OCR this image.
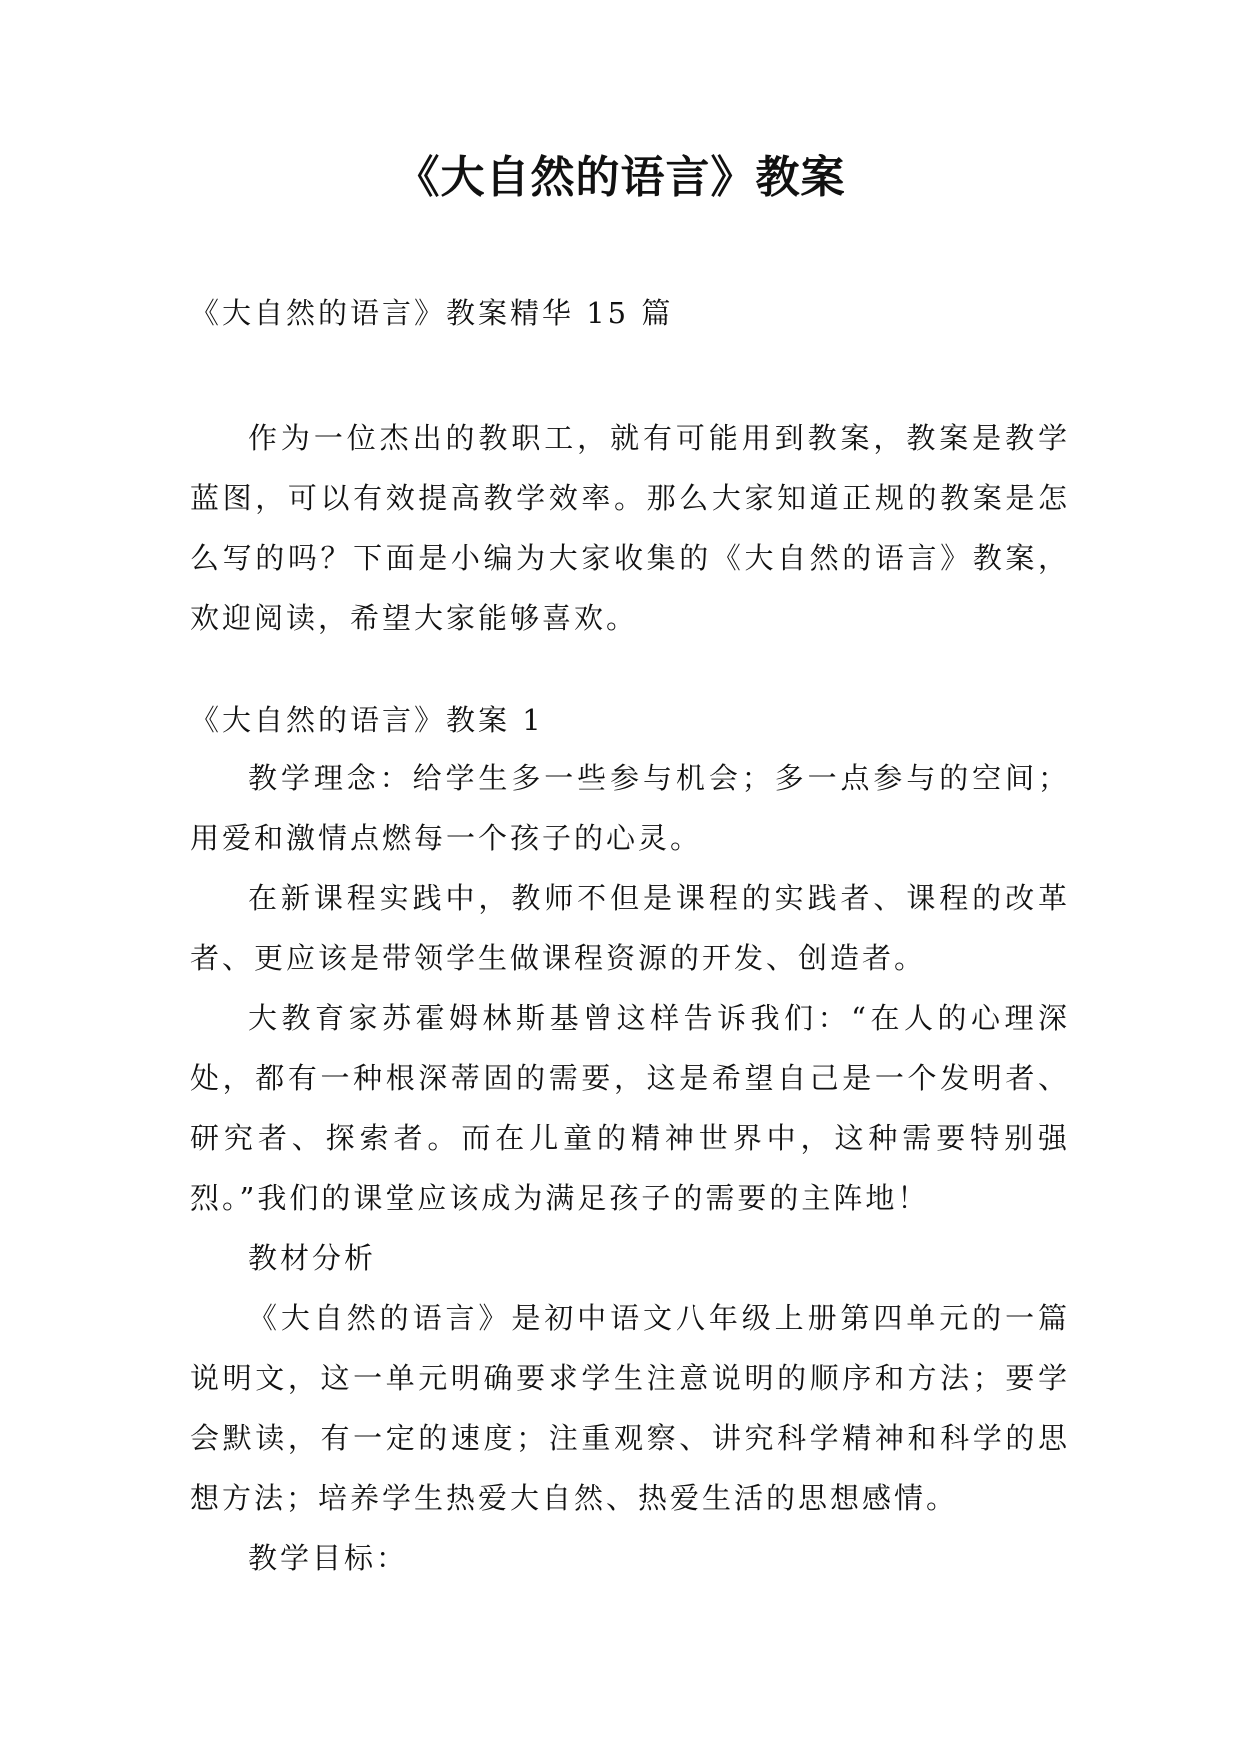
《大自然的语言》教案

《大自然的语言》教案精华 15 篇

作为一位杰出的教职工，就有可能用到教案，教案是教学蓝图，可以有效提高教学效率。那么大家知道正规的教案是怎么写的吗？下面是小编为大家收集的《大自然的语言》教案，欢迎阅读，希望大家能够喜欢。

《大自然的语言》教案 1

教学理念：给学生多一些参与机会；多一点参与的空间；用爱和激情点燃每一个孩子的心灵。

在新课程实践中，教师不但是课程的实践者、课程的改革者、更应该是带领学生做课程资源的开发、创造者。

大教育家苏霍姆林斯基曾这样告诉我们：“在人的心理深处，都有一种根深蒂固的需要，这是希望自己是一个发明者、研究者、探索者。而在儿童的精神世界中，这种需要特别强烈。”我们的课堂应该成为满足孩子的需要的主阵地！

教材分析

《大自然的语言》是初中语文八年级上册第四单元的一篇说明文，这一单元明确要求学生注意说明的顺序和方法；要学会默读，有一定的速度；注重观察、讲究科学精神和科学的思想方法；培养学生热爱大自然、热爱生活的思想感情。

教学目标：
